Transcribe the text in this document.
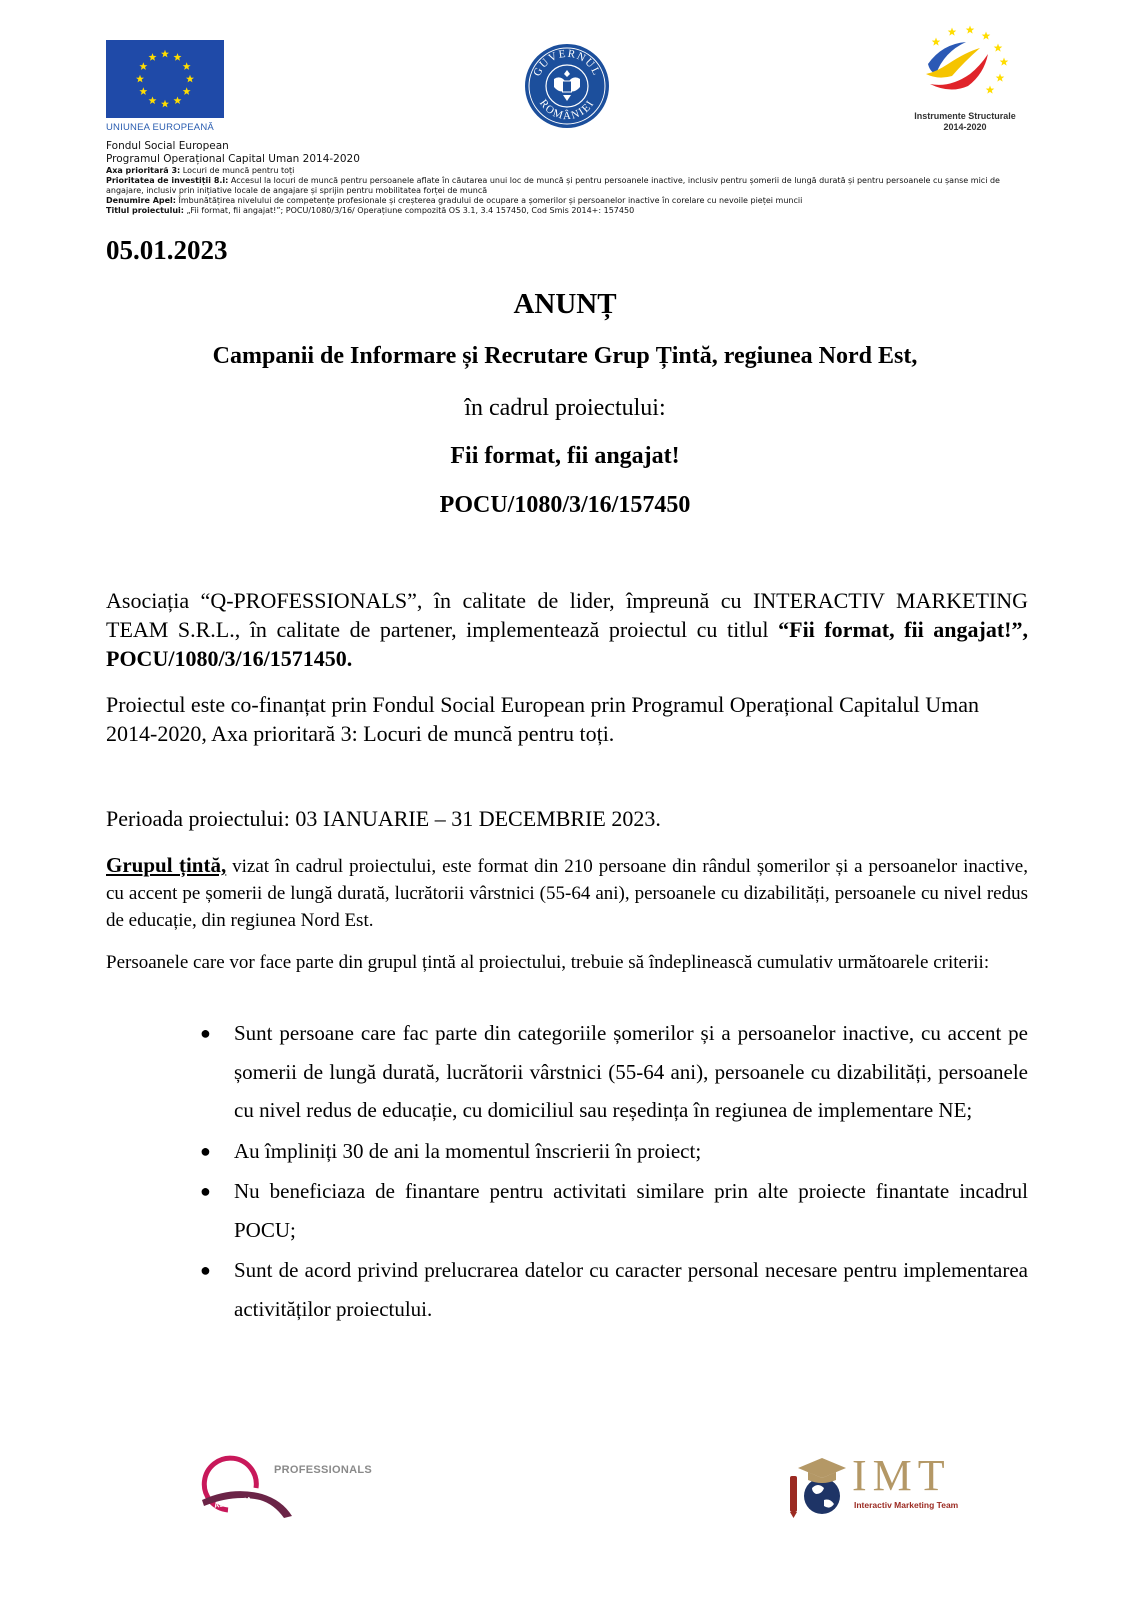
UNIUNEA EUROPEANĂ
GUVERNUL
ROMÂNIEI
Instrumente Structurale
2014-2020
Fondul Social European
Programul Operațional Capital Uman 2014-2020
Axa prioritară 3: Locuri de muncă pentru toți
Prioritatea de investiții 8.i: Accesul la locuri de muncă pentru persoanele aflate în căutarea unui loc de muncă și pentru persoanele inactive, inclusiv pentru șomerii de lungă durată și pentru persoanele cu șanse mici de angajare, inclusiv prin inițiative locale de angajare și sprijin pentru mobilitatea forței de muncă
Denumire Apel: Îmbunătățirea nivelului de competențe profesionale și creșterea gradului de ocupare a șomerilor și persoanelor inactive în corelare cu nevoile pieței muncii
Titlul proiectului: „Fii format, fii angajat!”; POCU/1080/3/16/ Operațiune compozită OS 3.1, 3.4 157450, Cod Smis 2014+: 157450
05.01.2023
ANUNȚ
Campanii de Informare și Recrutare Grup Țintă, regiunea Nord Est,
în cadrul proiectului:
Fii format, fii angajat!
POCU/1080/3/16/157450
Asociația “Q-PROFESSIONALS”, în calitate de lider, împreună cu INTERACTIV MARKETING TEAM S.R.L., în calitate de partener, implementează proiectul cu titlul “Fii format, fii angajat!”, POCU/1080/3/16/1571450.
Proiectul este co-finanțat prin Fondul Social European prin Programul Operațional Capitalul Uman 2014-2020, Axa prioritară 3: Locuri de muncă pentru toți.
Perioada proiectului: 03 IANUARIE – 31 DECEMBRIE 2023.
Grupul țintă, vizat în cadrul proiectului, este format din 210 persoane din rândul șomerilor și a persoanelor inactive, cu accent pe șomerii de lungă durată, lucrătorii vârstnici (55-64 ani), persoanele cu dizabilități, persoanele cu nivel redus de educație, din regiunea Nord Est.
Persoanele care vor face parte din grupul țintă al proiectului, trebuie să îndeplinească cumulativ următoarele criterii:
● Sunt persoane care fac parte din categoriile șomerilor și a persoanelor inactive, cu accent pe șomerii de lungă durată, lucrătorii vârstnici (55-64 ani), persoanele cu dizabilități, persoanele cu nivel redus de educație, cu domiciliul sau reședința în regiunea de implementare NE;
● Au împliniți 30 de ani la momentul înscrierii în proiect;
● Nu beneficiaza de finantare pentru activitati similare prin alte proiecte finantate incadrul POCU;
● Sunt de acord privind prelucrarea datelor cu caracter personal necesare pentru implementarea activităților proiectului.
ASOCIATIA
PROFESSIONALS	IMT
Interactiv Marketing Team
